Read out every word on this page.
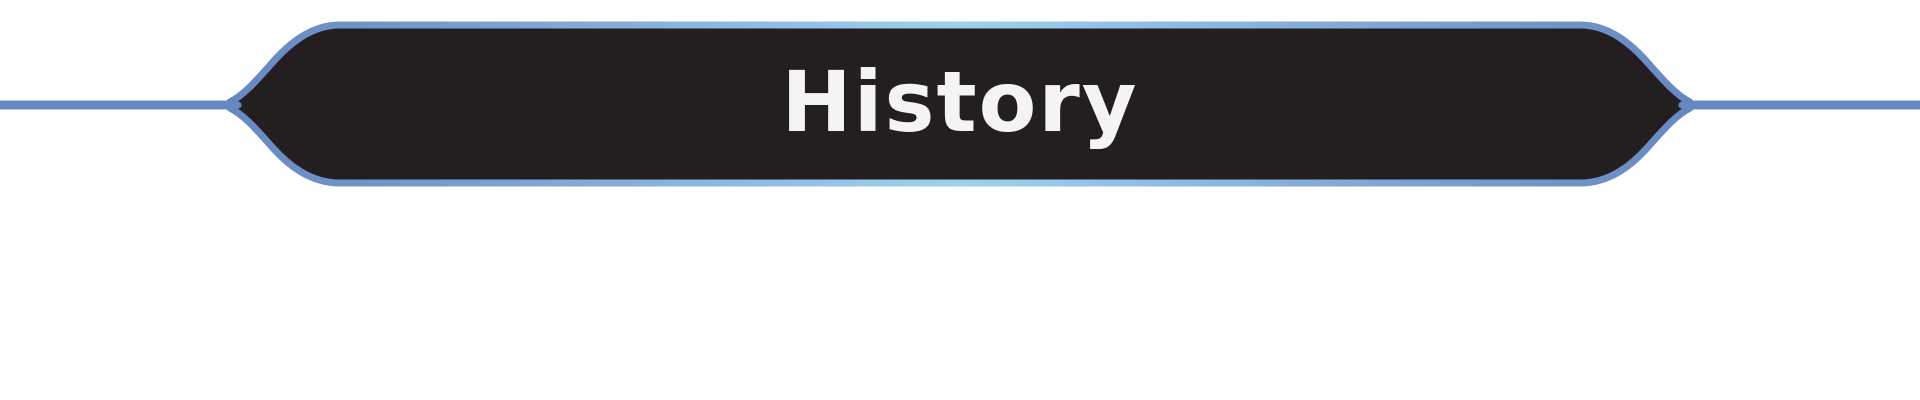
History
